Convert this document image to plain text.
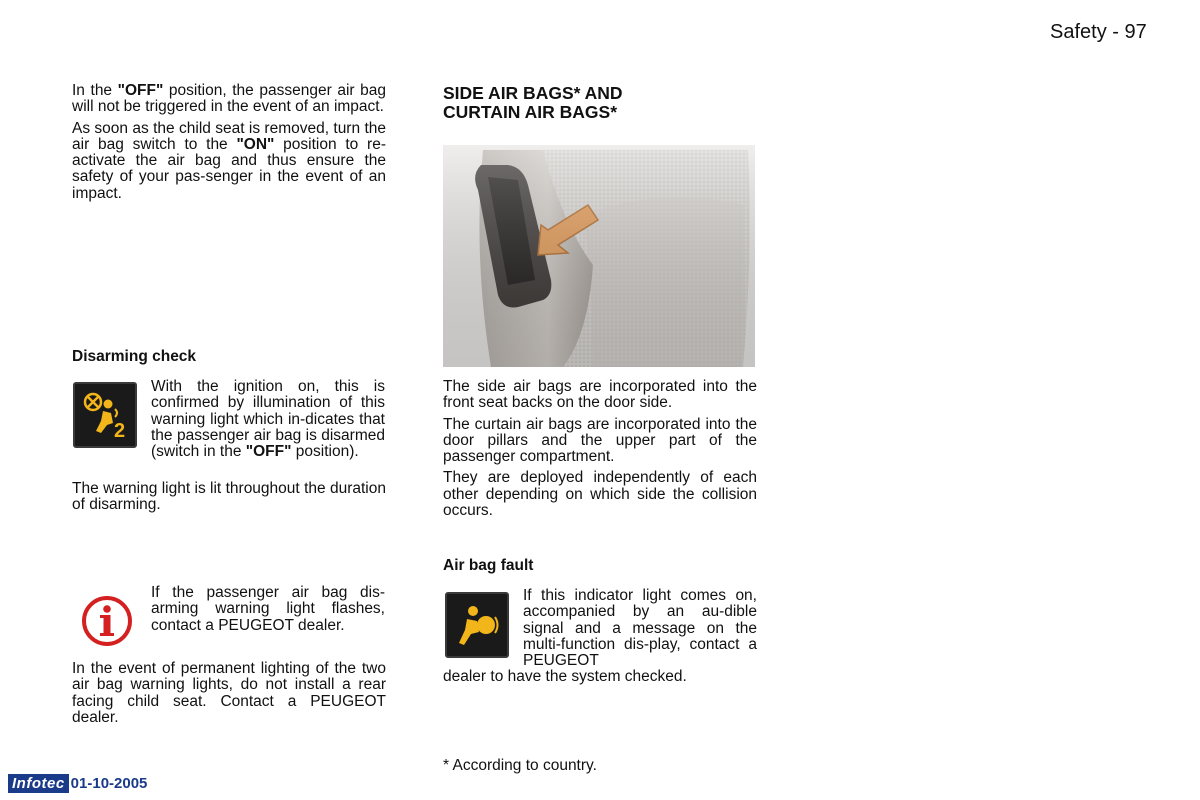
Safety - 97
In the "OFF" position, the passenger air bag will not be triggered in the event of an impact.
As soon as the child seat is removed, turn the air bag switch to the "ON" position to re-activate the air bag and thus ensure the safety of your pas-senger in the event of an impact.
Disarming check
2
With the ignition on, this is confirmed by illumination of this warning light which in-dicates that the passenger air bag is disarmed (switch in the "OFF" position).
The warning light is lit throughout the duration of disarming.
If the passenger air bag dis-arming warning light flashes, contact a PEUGEOT dealer.
In the event of permanent lighting of the two air bag warning lights, do not install a rear facing child seat. Contact a PEUGEOT dealer.
SIDE AIR BAGS* AND
CURTAIN AIR BAGS*
The side air bags are incorporated into the front seat backs on the door side.
The curtain air bags are incorporated into the door pillars and the upper part of the passenger compartment.
They are deployed independently of each other depending on which side the collision occurs.
Air bag fault
If this indicator light comes on, accompanied by an au-dible signal and a message on the multi-function dis-play, contact a PEUGEOT
dealer to have the system checked.
* According to country.
Infotec 01-10-2005
